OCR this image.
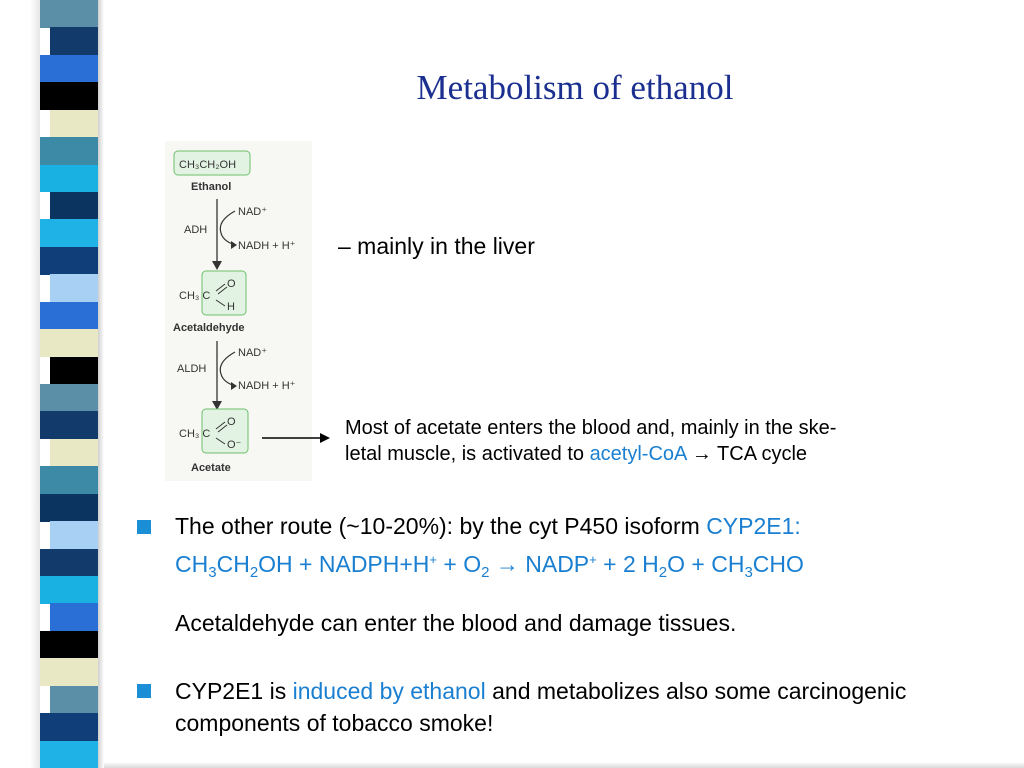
Metabolism of ethanol
CH₃CH₂OH
Ethanol
ADH
NAD⁺
NADH + H⁺
CH₃ C
O
H
Acetaldehyde
ALDH
NAD⁺
NADH + H⁺
CH₃ C
O
O⁻
Acetate
– mainly in the liver
Most of acetate enters the blood and, mainly in the ske-
letal muscle, is activated to acetyl-CoA → TCA cycle
The other route (~10-20%): by the cyt P450 isoform CYP2E1:
$CH_3CH_2OH$ + NADPH+H+ + $O_2$ → NADP+ + 2 $H_2O + CH_3CHO$
Acetaldehyde can enter the blood and damage tissues.
CYP2E1 is induced by ethanol and metabolizes also some carcinogenic components of tobacco smoke!
